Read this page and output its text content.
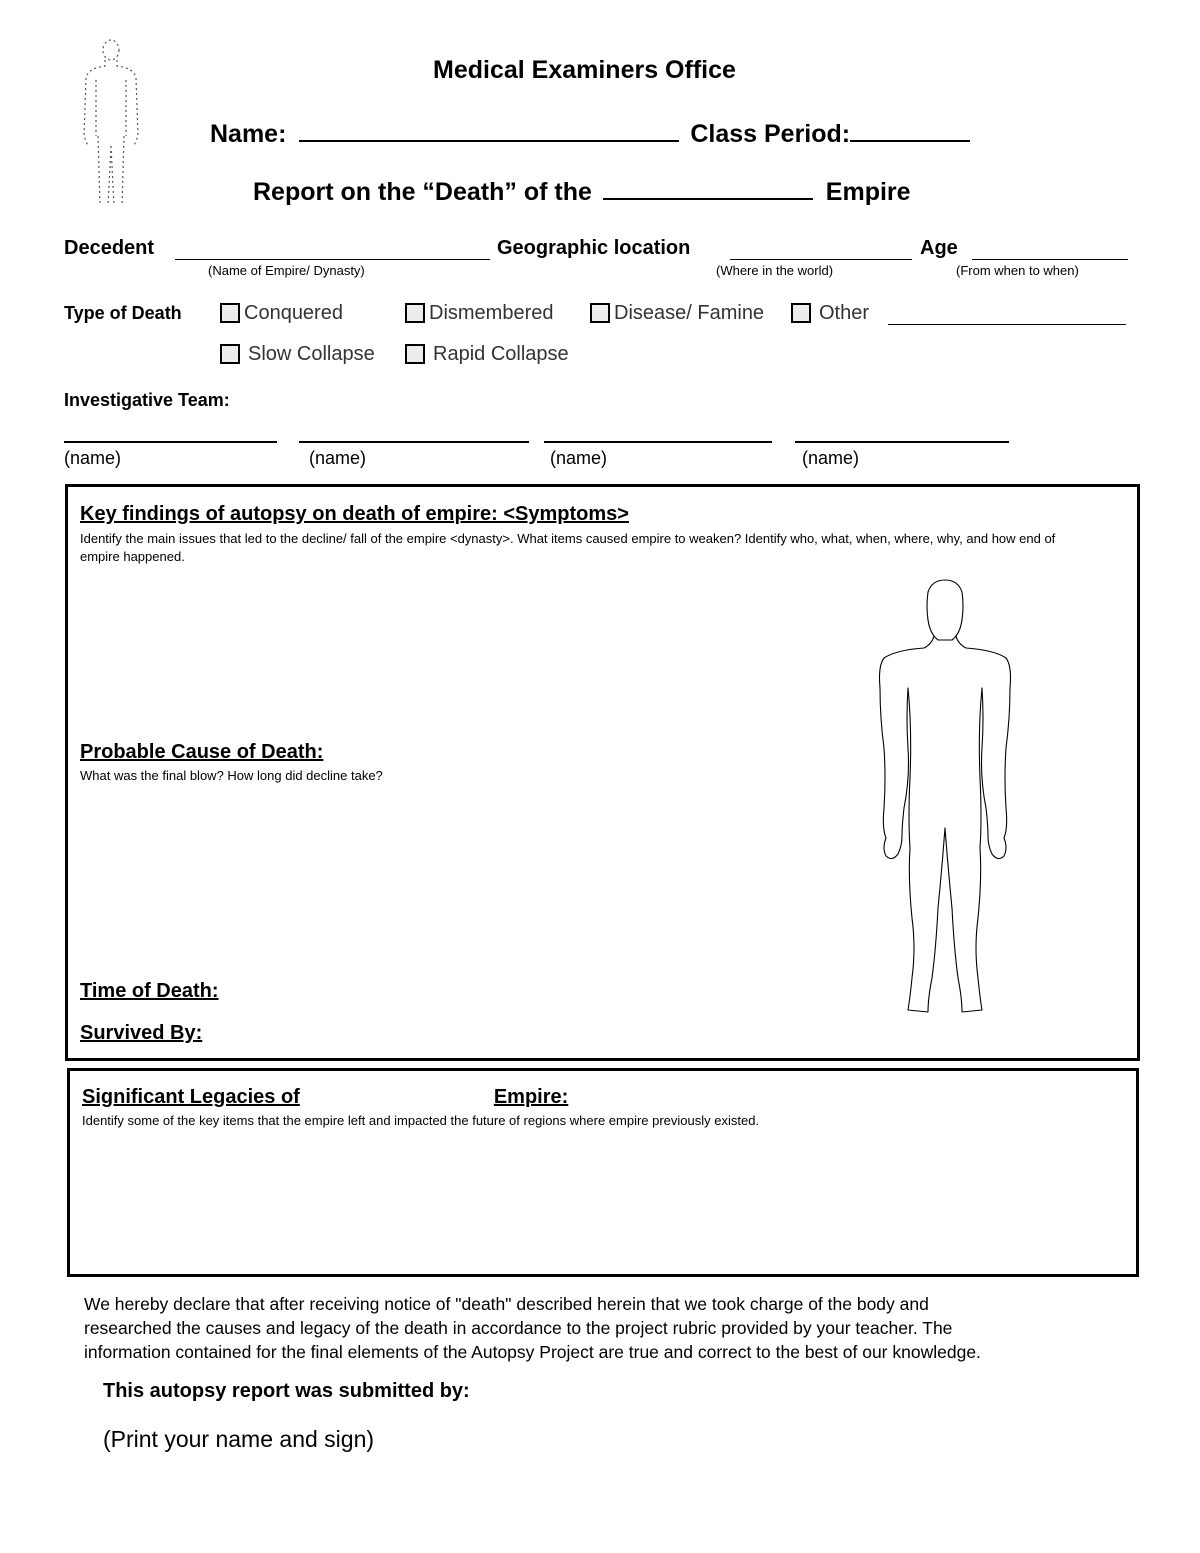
Medical Examiners Office
Name:	Class Period:
Report on the “Death” of the	Empire
Decedent
(Name of Empire/ Dynasty)
Geographic location
(Where in the world)
Age
(From when to when)
Type of Death	Conquered	Dismembered	Disease/ Famine	Other
Slow Collapse	Rapid Collapse
Investigative Team:
(name)	(name)	(name)	(name)
Key findings of autopsy on death of empire: <Symptoms>
Identify the main issues that led to the decline/ fall of the empire <dynasty>. What items caused empire to weaken? Identify who, what, when, where, why, and how end of empire happened.
Probable Cause of Death:
What was the final blow? How long did decline take?
Time of Death:
Survived By:
Significant Legacies of	Empire:
Identify some of the key items that the empire left and impacted the future of regions where empire previously existed.
We hereby declare that after receiving notice of "death" described herein that we took charge of the body and
researched the causes and legacy of the death in accordance to the project rubric provided by your teacher. The
information contained for the final elements of the Autopsy Project are true and correct to the best of our knowledge.
This autopsy report was submitted by:
(Print your name and sign)
